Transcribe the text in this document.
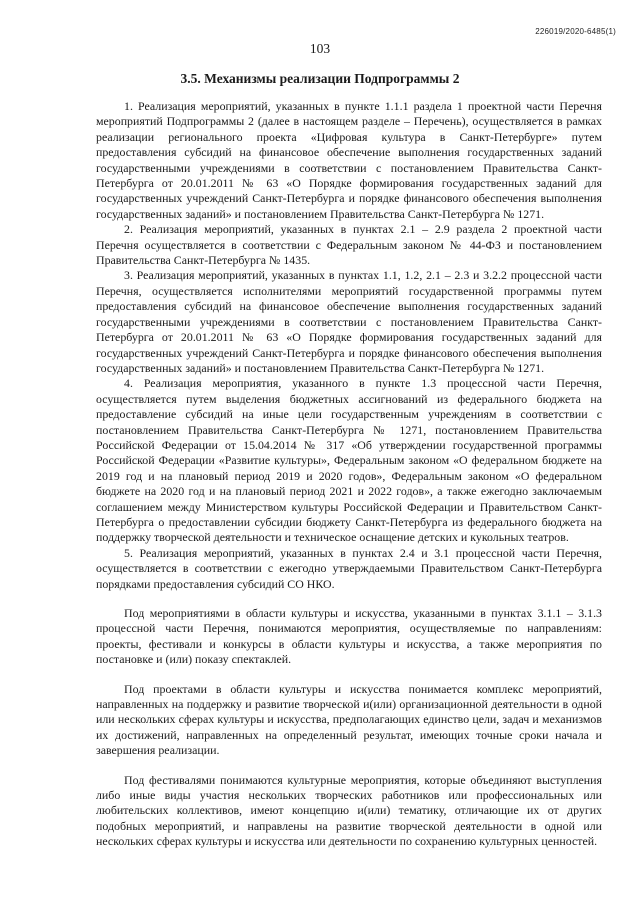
226019/2020-6485(1)
103
3.5. Механизмы реализации Подпрограммы 2

1. Реализация мероприятий, указанных в пункте 1.1.1 раздела 1 проектной части Перечня мероприятий Подпрограммы 2 (далее в настоящем разделе – Перечень), осуществляется в рамках реализации регионального проекта «Цифровая культура в Санкт-Петербурге» путем предоставления субсидий на финансовое обеспечение выполнения государственных заданий государственными учреждениями в соответствии с постановлением Правительства Санкт-Петербурга от 20.01.2011 № 63 «О Порядке формирования государственных заданий для государственных учреждений Санкт-Петербурга и порядке финансового обеспечения выполнения государственных заданий» и постановлением Правительства Санкт-Петербурга № 1271.

2. Реализация мероприятий, указанных в пунктах 2.1 – 2.9 раздела 2 проектной части Перечня осуществляется в соответствии с Федеральным законом № 44-ФЗ и постановлением Правительства Санкт-Петербурга № 1435.

3. Реализация мероприятий, указанных в пунктах 1.1, 1.2, 2.1 – 2.3 и 3.2.2 процессной части Перечня, осуществляется исполнителями мероприятий государственной программы путем предоставления субсидий на финансовое обеспечение выполнения государственных заданий государственными учреждениями в соответствии с постановлением Правительства Санкт-Петербурга от 20.01.2011 № 63 «О Порядке формирования государственных заданий для государственных учреждений Санкт-Петербурга и порядке финансового обеспечения выполнения государственных заданий» и постановлением Правительства Санкт-Петербурга № 1271.

4. Реализация мероприятия, указанного в пункте 1.3 процессной части Перечня, осуществляется путем выделения бюджетных ассигнований из федерального бюджета на предоставление субсидий на иные цели государственным учреждениям в соответствии с постановлением Правительства Санкт-Петербурга № 1271, постановлением Правительства Российской Федерации от 15.04.2014 № 317 «Об утверждении государственной программы Российской Федерации «Развитие культуры», Федеральным законом «О федеральном бюджете на 2019 год и на плановый период 2019 и 2020 годов», Федеральным законом «О федеральном бюджете на 2020 год и на плановый период 2021 и 2022 годов», а также ежегодно заключаемым соглашением между Министерством культуры Российской Федерации и Правительством Санкт-Петербурга о предоставлении субсидии бюджету Санкт-Петербурга из федерального бюджета на поддержку творческой деятельности и техническое оснащение детских и кукольных театров.

5. Реализация мероприятий, указанных в пунктах 2.4 и 3.1 процессной части Перечня, осуществляется в соответствии с ежегодно утверждаемыми Правительством Санкт-Петербурга порядками предоставления субсидий СО НКО.

Под мероприятиями в области культуры и искусства, указанными в пунктах 3.1.1 – 3.1.3 процессной части Перечня, понимаются мероприятия, осуществляемые по направлениям: проекты, фестивали и конкурсы в области культуры и искусства, а также мероприятия по постановке и (или) показу спектаклей.

Под проектами в области культуры и искусства понимается комплекс мероприятий, направленных на поддержку и развитие творческой и(или) организационной деятельности в одной или нескольких сферах культуры и искусства, предполагающих единство цели, задач и механизмов их достижений, направленных на определенный результат, имеющих точные сроки начала и завершения реализации.

Под фестивалями понимаются культурные мероприятия, которые объединяют выступления либо иные виды участия нескольких творческих работников или профессиональных или любительских коллективов, имеют концепцию и(или) тематику, отличающие их от других подобных мероприятий, и направлены на развитие творческой деятельности в одной или нескольких сферах культуры и искусства или деятельности по сохранению культурных ценностей.
